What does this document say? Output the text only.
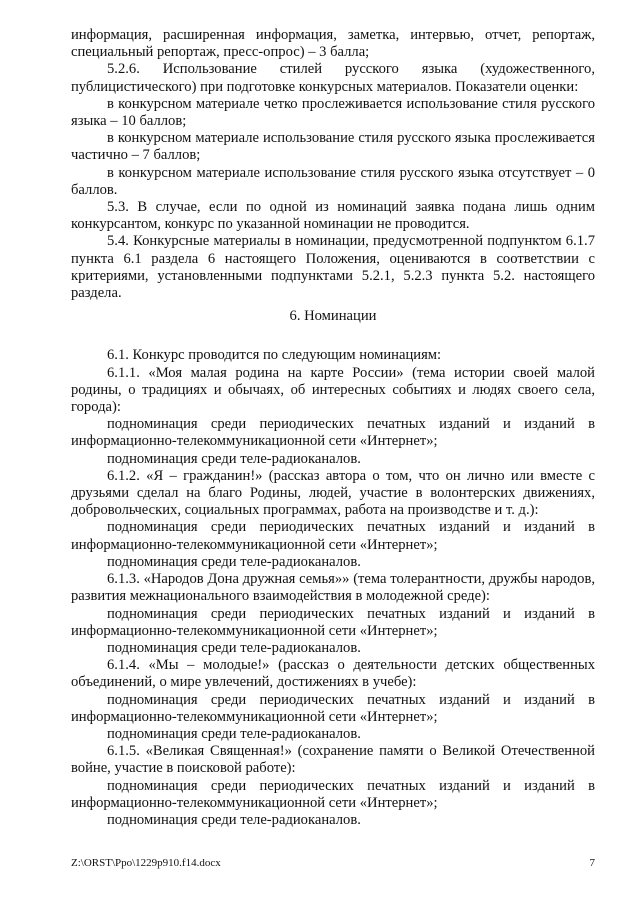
информация, расширенная информация, заметка, интервью, отчет, репортаж, специальный репортаж, пресс-опрос) – 3 балла;

5.2.6. Использование стилей русского языка (художественного, публицистического) при подготовке конкурсных материалов. Показатели оценки:

в конкурсном материале четко прослеживается использование стиля русского языка – 10 баллов;

в конкурсном материале использование стиля русского языка прослеживается частично – 7 баллов;

в конкурсном материале использование стиля русского языка отсутствует – 0 баллов.

5.3. В случае, если по одной из номинаций заявка подана лишь одним конкурсантом, конкурс по указанной номинации не проводится.

5.4. Конкурсные материалы в номинации, предусмотренной подпунктом 6.1.7 пункта 6.1 раздела 6 настоящего Положения, оцениваются в соответствии с критериями, установленными подпунктами 5.2.1, 5.2.3 пункта 5.2. настоящего раздела.

6. Номинации

6.1. Конкурс проводится по следующим номинациям:

6.1.1. «Моя малая родина на карте России» (тема истории своей малой родины, о традициях и обычаях, об интересных событиях и людях своего села, города):

подноминация среди периодических печатных изданий и изданий в информационно-телекоммуникационной сети «Интернет»;

подноминация среди теле-радиоканалов.

6.1.2. «Я – гражданин!» (рассказ автора о том, что он лично или вместе с друзьями сделал на благо Родины, людей, участие в волонтерских движениях, добровольческих, социальных программах, работа на производстве и т. д.):

подноминация среди периодических печатных изданий и изданий в информационно-телекоммуникационной сети «Интернет»;

подноминация среди теле-радиоканалов.

6.1.3. «Народов Дона дружная семья»» (тема толерантности, дружбы народов, развития межнационального взаимодействия в молодежной среде):

подноминация среди периодических печатных изданий и изданий в информационно-телекоммуникационной сети «Интернет»;

подноминация среди теле-радиоканалов.

6.1.4. «Мы – молодые!» (рассказ о деятельности детских общественных объединений, о мире увлечений, достижениях в учебе):

подноминация среди периодических печатных изданий и изданий в информационно-телекоммуникационной сети «Интернет»;

подноминация среди теле-радиоканалов.

6.1.5. «Великая Священная!» (сохранение памяти о Великой Отечественной войне, участие в поисковой работе):

подноминация среди периодических печатных изданий и изданий в информационно-телекоммуникационной сети «Интернет»;

подноминация среди теле-радиоканалов.

Z:\ORST\Ppo\1229p910.f14.docx	7
